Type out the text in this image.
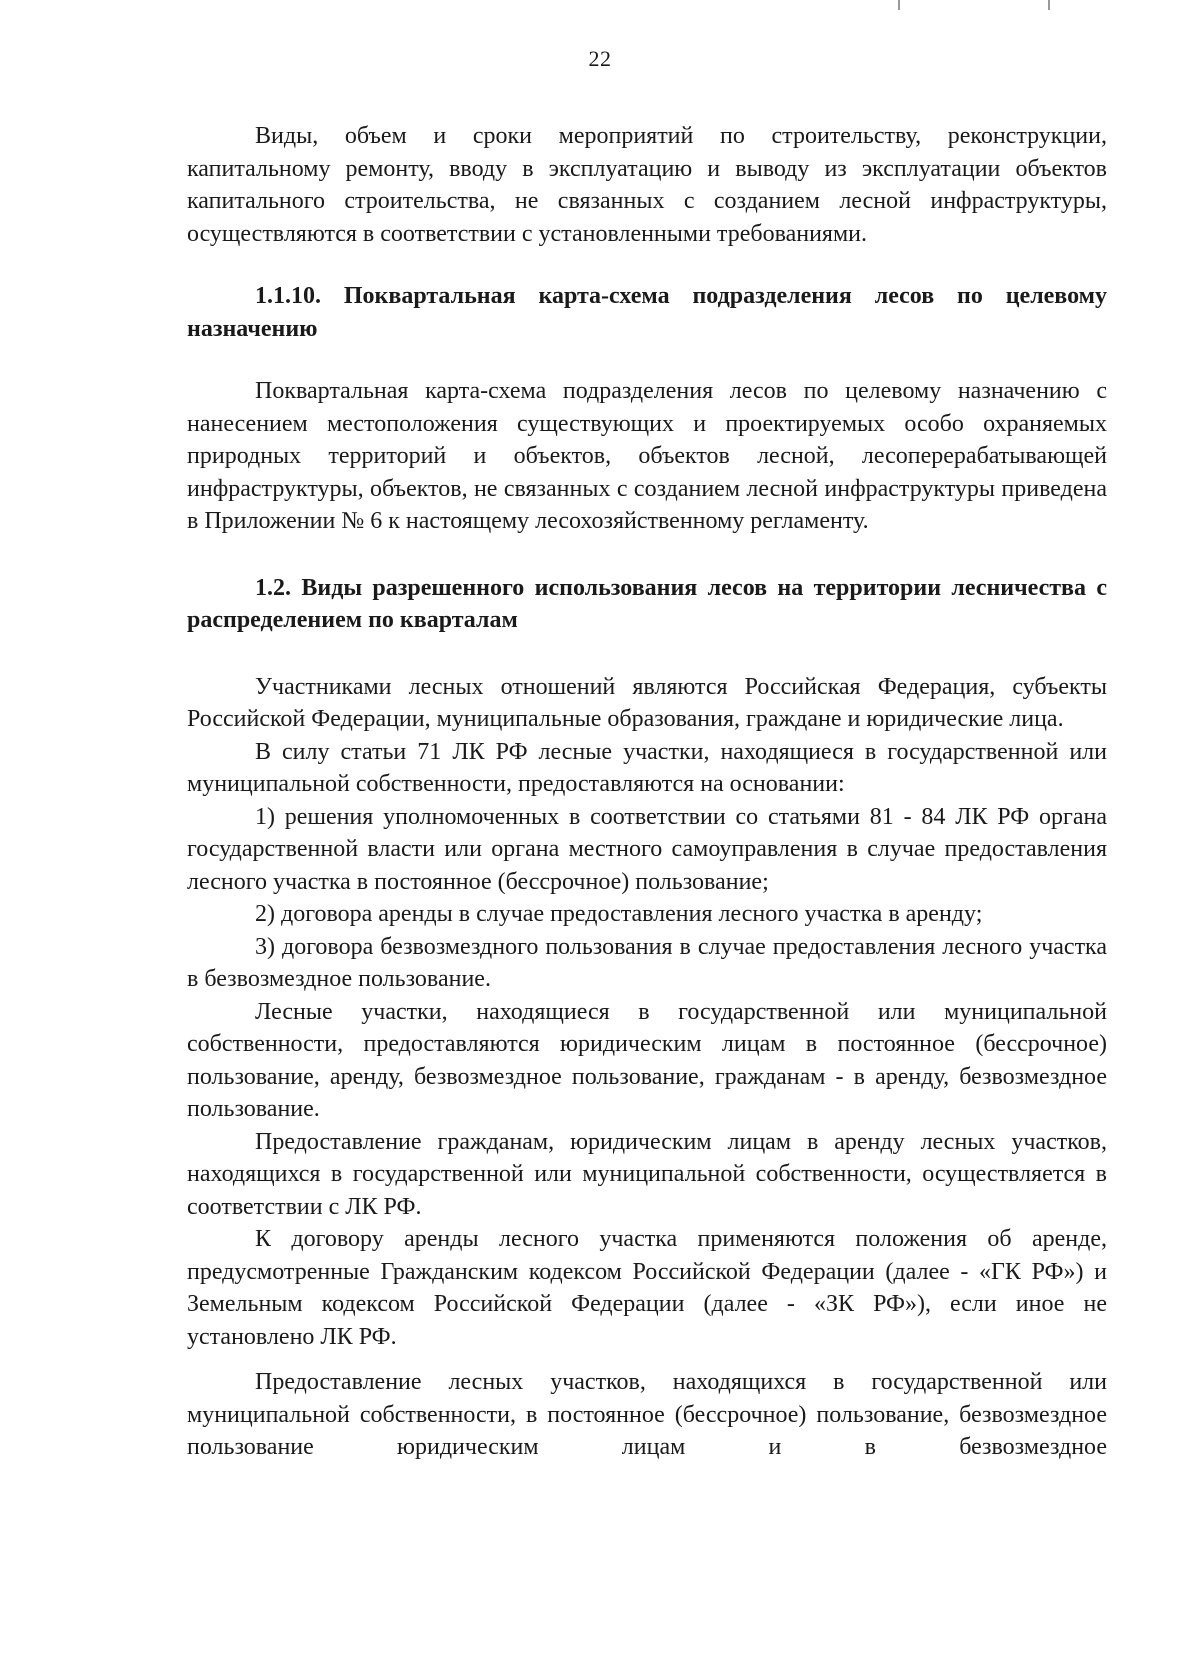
22

Виды, объем и сроки мероприятий по строительству, реконструкции, капитальному ремонту, вводу в эксплуатацию и выводу из эксплуатации объектов капитального строительства, не связанных с созданием лесной инфраструктуры, осуществляются в соответствии с установленными требованиями.

1.1.10. Поквартальная карта-схема подразделения лесов по целевому назначению

Поквартальная карта-схема подразделения лесов по целевому назначению с нанесением местоположения существующих и проектируемых особо охраняемых природных территорий и объектов, объектов лесной, лесоперерабатывающей инфраструктуры, объектов, не связанных с созданием лесной инфраструктуры приведена в Приложении № 6 к настоящему лесохозяйственному регламенту.

1.2. Виды разрешенного использования лесов на территории лесничества с распределением по кварталам

Участниками лесных отношений являются Российская Федерация, субъекты Российской Федерации, муниципальные образования, граждане и юридические лица.

В силу статьи 71 ЛК РФ лесные участки, находящиеся в государственной или муниципальной собственности, предоставляются на основании:

1) решения уполномоченных в соответствии со статьями 81 - 84 ЛК РФ органа государственной власти или органа местного самоуправления в случае предоставления лесного участка в постоянное (бессрочное) пользование;

2) договора аренды в случае предоставления лесного участка в аренду;

3) договора безвозмездного пользования в случае предоставления лесного участка в безвозмездное пользование.

Лесные участки, находящиеся в государственной или муниципальной собственности, предоставляются юридическим лицам в постоянное (бессрочное) пользование, аренду, безвозмездное пользование, гражданам - в аренду, безвозмездное пользование.

Предоставление гражданам, юридическим лицам в аренду лесных участков, находящихся в государственной или муниципальной собственности, осуществляется в соответствии с ЛК РФ.

К договору аренды лесного участка применяются положения об аренде, предусмотренные Гражданским кодексом Российской Федерации (далее - «ГК РФ») и Земельным кодексом Российской Федерации (далее - «ЗК РФ»), если иное не установлено ЛК РФ.

Предоставление лесных участков, находящихся в государственной или муниципальной собственности, в постоянное (бессрочное) пользование, безвозмездное пользование юридическим лицам и в безвозмездное
